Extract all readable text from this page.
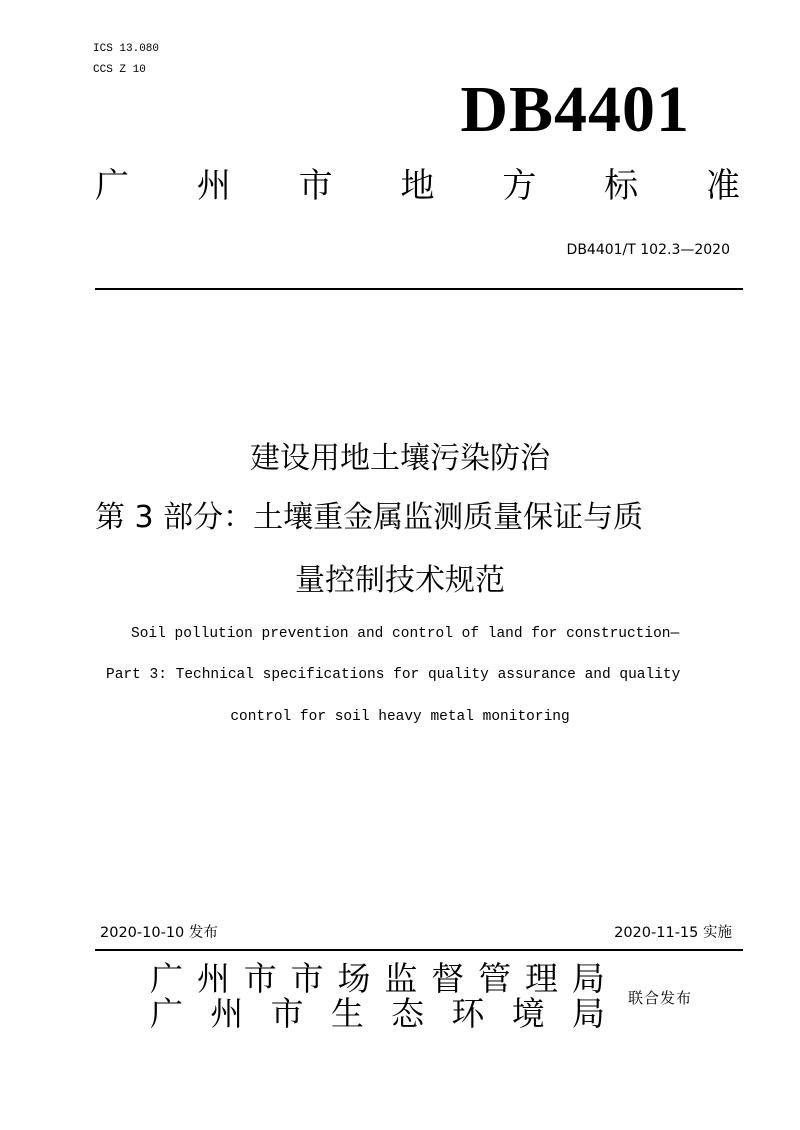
ICS 13.080
CCS Z 10
DB4401
广 州 市 地 方 标 准
DB4401/T 102.3—2020
建设用地土壤污染防治
第 3 部分：土壤重金属监测质量保证与质
量控制技术规范
Soil pollution prevention and control of land for construction—
Part 3: Technical specifications for quality assurance and quality
control for soil heavy metal monitoring
2020-10-10 发布	2020-11-15 实施
广 州 市 市 场 监 督 管 理 局
广 州 市 生 态 环 境 局 联合发布
